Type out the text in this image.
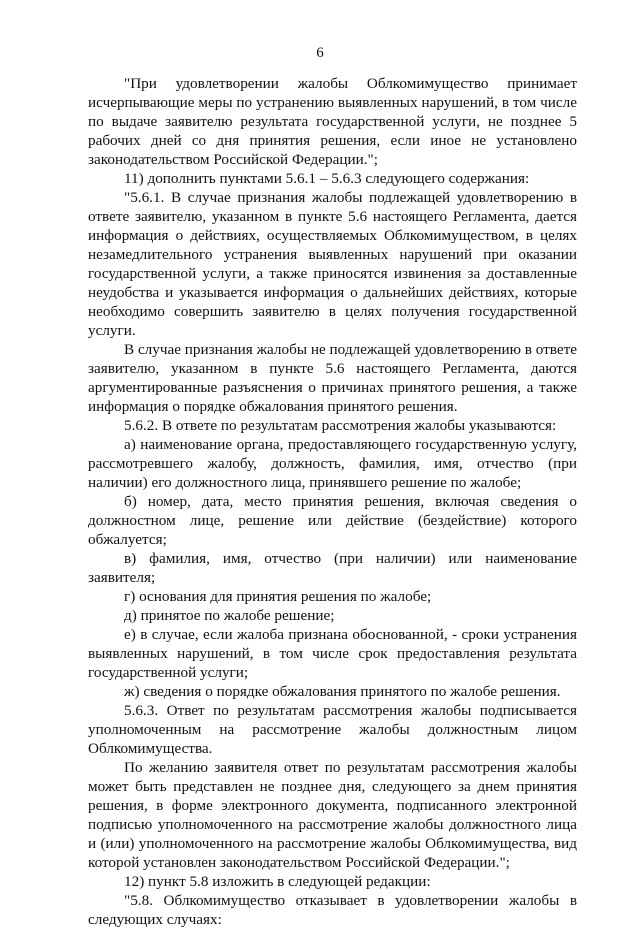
6

"При удовлетворении жалобы Облкомимущество принимает исчерпывающие меры по устранению выявленных нарушений, в том числе по выдаче заявителю результата государственной услуги, не позднее 5 рабочих дней со дня принятия решения, если иное не установлено законодательством Российской Федерации.";

11) дополнить пунктами 5.6.1 – 5.6.3 следующего содержания:

"5.6.1. В случае признания жалобы подлежащей удовлетворению в ответе заявителю, указанном в пункте 5.6 настоящего Регламента, дается информация о действиях, осуществляемых Облкомимуществом, в целях незамедлительного устранения выявленных нарушений при оказании государственной услуги, а также приносятся извинения за доставленные неудобства и указывается информация о дальнейших действиях, которые необходимо совершить заявителю в целях получения государственной услуги.

В случае признания жалобы не подлежащей удовлетворению в ответе заявителю, указанном в пункте 5.6 настоящего Регламента, даются аргументированные разъяснения о причинах принятого решения, а также информация о порядке обжалования принятого решения.

5.6.2. В ответе по результатам рассмотрения жалобы указываются:

а) наименование органа, предоставляющего государственную услугу, рассмотревшего жалобу, должность, фамилия, имя, отчество (при наличии) его должностного лица, принявшего решение по жалобе;

б) номер, дата, место принятия решения, включая сведения о должностном лице, решение или действие (бездействие) которого обжалуется;

в) фамилия, имя, отчество (при наличии) или наименование заявителя;

г) основания для принятия решения по жалобе;

д) принятое по жалобе решение;

е) в случае, если жалоба признана обоснованной, - сроки устранения выявленных нарушений, в том числе срок предоставления результата государственной услуги;

ж) сведения о порядке обжалования принятого по жалобе решения.

5.6.3. Ответ по результатам рассмотрения жалобы подписывается уполномоченным на рассмотрение жалобы должностным лицом Облкомимущества.

По желанию заявителя ответ по результатам рассмотрения жалобы может быть представлен не позднее дня, следующего за днем принятия решения, в форме электронного документа, подписанного электронной подписью уполномоченного на рассмотрение жалобы должностного лица и (или) уполномоченного на рассмотрение жалобы Облкомимущества, вид которой установлен законодательством Российской Федерации.";

12) пункт 5.8 изложить в следующей редакции:

"5.8. Облкомимущество отказывает в удовлетворении жалобы в следующих случаях:
